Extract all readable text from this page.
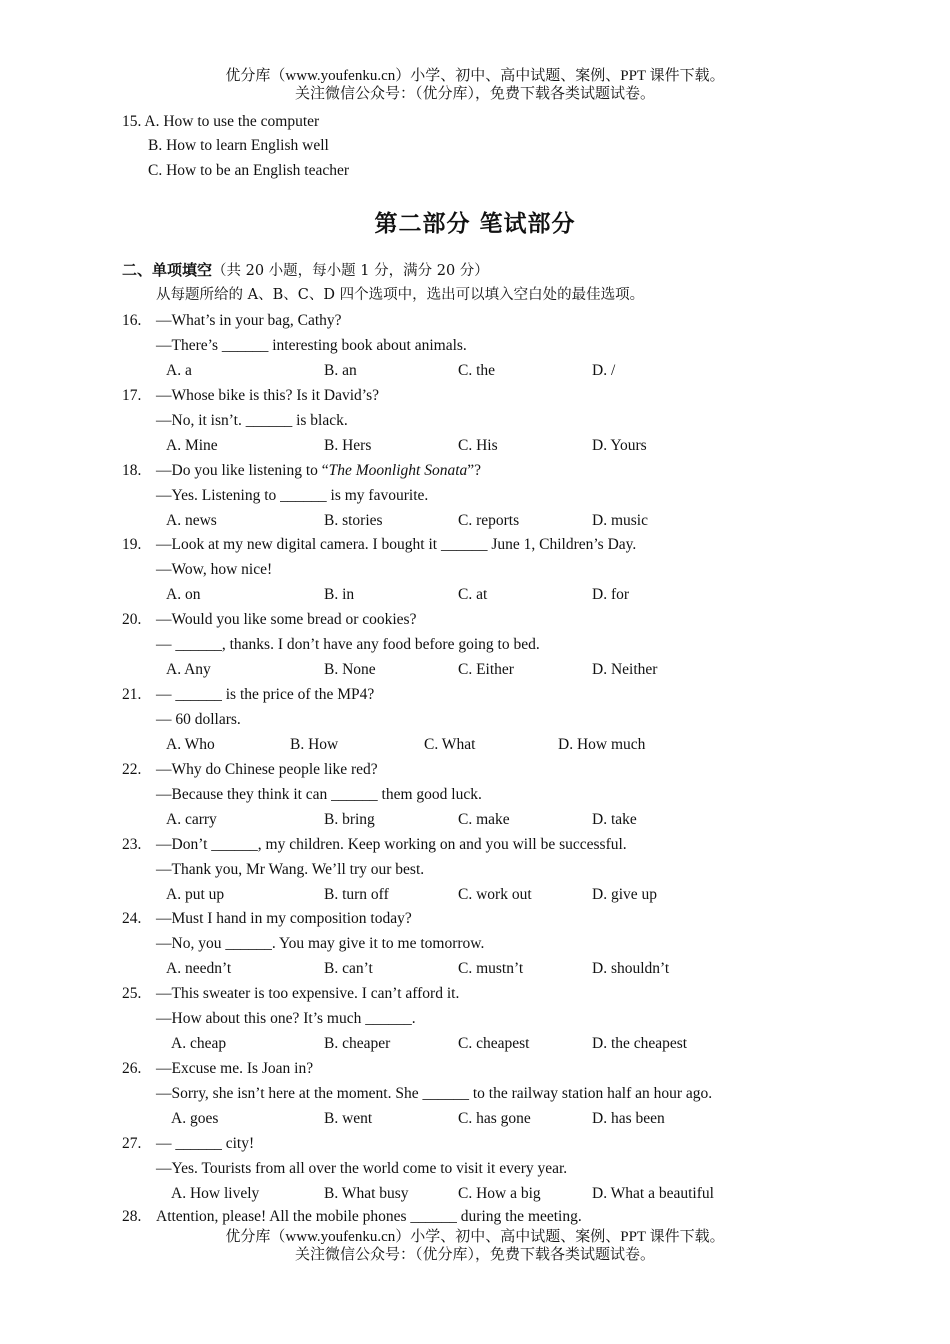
优分库（www.youfenku.cn）小学、初中、高中试题、案例、PPT 课件下载。
关注微信公众号：（优分库），免费下载各类试题试卷。
15. A. How to use the computer
B. How to learn English well
C. How to be an English teacher
第二部分 笔试部分
二、单项填空（共 20 小题，每小题 1 分，满分 20 分）
从每题所给的 A、B、C、D 四个选项中，选出可以填入空白处的最佳选项。
16. —What’s in your bag, Cathy?
—There’s ______ interesting book about animals.
A. a	B. an	C. the	D. /
17. —Whose bike is this? Is it David’s?
—No, it isn’t. ______ is black.
A. Mine	B. Hers	C. His	D. Yours
18. —Do you like listening to “The Moonlight Sonata”?
—Yes. Listening to ______ is my favourite.
A. news	B. stories	C. reports	D. music
19. —Look at my new digital camera. I bought it ______ June 1, Children’s Day.
—Wow, how nice!
A. on	B. in	C. at	D. for
20. —Would you like some bread or cookies?
— ______, thanks. I don’t have any food before going to bed.
A. Any	B. None	C. Either	D. Neither
21. — ______ is the price of the MP4?
— 60 dollars.
A. Who	B. How	C. What	D. How much
22. —Why do Chinese people like red?
—Because they think it can ______ them good luck.
A. carry	B. bring	C. make	D. take
23. —Don’t ______, my children. Keep working on and you will be successful.
—Thank you, Mr Wang. We’ll try our best.
A. put up	B. turn off	C. work out	D. give up
24. —Must I hand in my composition today?
—No, you ______. You may give it to me tomorrow.
A. needn’t	B. can’t	C. mustn’t	D. shouldn’t
25. —This sweater is too expensive. I can’t afford it.
—How about this one? It’s much ______.
A. cheap	B. cheaper	C. cheapest	D. the cheapest
26. —Excuse me. Is Joan in?
—Sorry, she isn’t here at the moment. She ______ to the railway station half an hour ago.
A. goes	B. went	C. has gone	D. has been
27. — ______ city!
—Yes. Tourists from all over the world come to visit it every year.
A. How lively	B. What busy	C. How a big	D. What a beautiful
28. Attention, please! All the mobile phones ______ during the meeting.
优分库（www.youfenku.cn）小学、初中、高中试题、案例、PPT 课件下载。
关注微信公众号：（优分库），免费下载各类试题试卷。
